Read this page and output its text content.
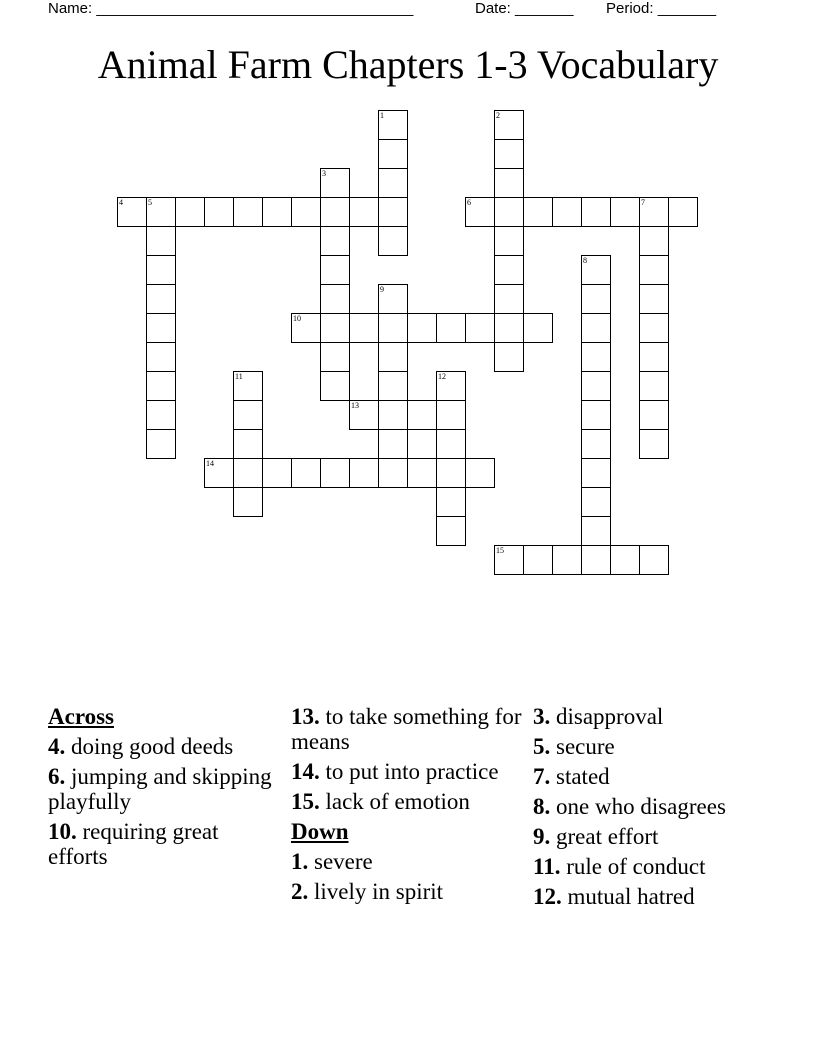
Name: ______________________________________	Date: _______ Period: _______
Animal Farm Chapters 1-3 Vocabulary
1	2
3
4	5	6	7
8
9
10
11	12
13
14
15
Across
4. doing good deeds
6. jumping and skipping playfully
10. requiring great efforts
13. to take something for means
14. to put into practice
15. lack of emotion
Down
1. severe
2. lively in spirit
3. disapproval
5. secure
7. stated
8. one who disagrees
9. great effort
11. rule of conduct
12. mutual hatred
